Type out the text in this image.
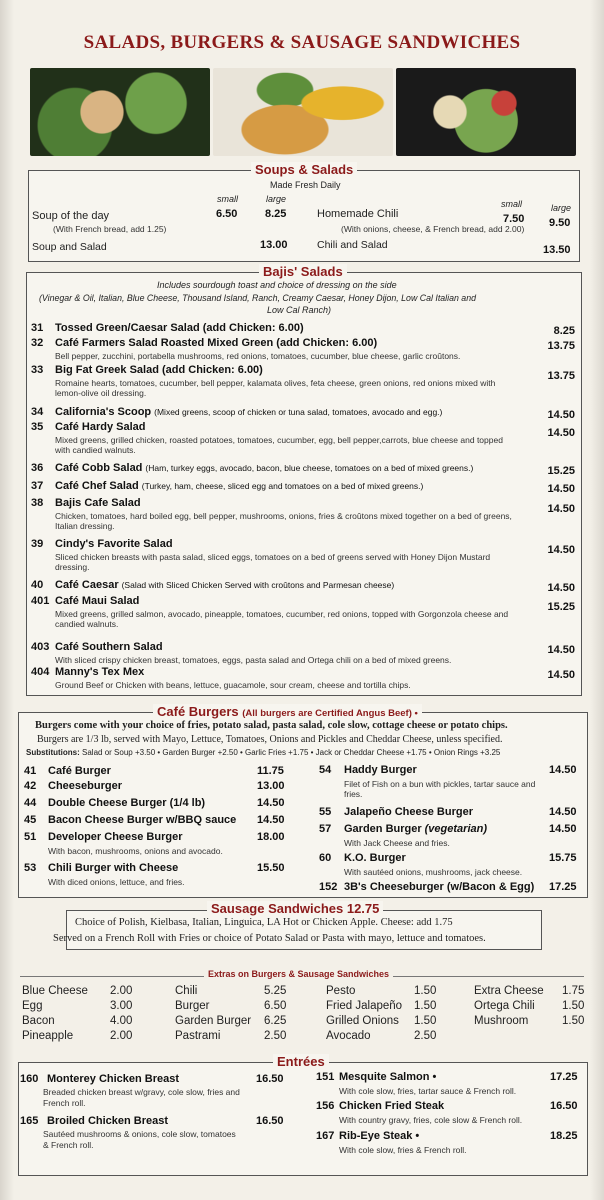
SALADS, BURGERS & SAUSAGE SANDWICHES
Soups & Salads
Made Fresh Daily
small	large	small	large
Soup of the day
(With French bread, add 1.25)
6.50	8.25
Soup and Salad	13.00
Homemade Chili
(With onions, cheese, & French bread, add 2.00)
7.50 9.50
Chili and Salad	13.50
Bajis' Salads
Includes sourdough toast and choice of dressing on the side
(Vinegar & Oil, Italian, Blue Cheese, Thousand Island, Ranch, Creamy Caesar, Honey Dijon, Low Cal Italian and
Low Cal Ranch)
31 Tossed Green/Caesar Salad (add Chicken: 6.00)	8.25
32 Café Farmers Salad Roasted Mixed Green (add Chicken: 6.00)	13.75
Bell pepper, zucchini, portabella mushrooms, red onions, tomatoes, cucumber, blue cheese, garlic croûtons.
33 Big Fat Greek Salad (add Chicken: 6.00)	13.75
Romaine hearts, tomatoes, cucumber, bell pepper, kalamata olives, feta cheese, green onions, red onions mixed with
lemon-olive oil dressing.
34 California's Scoop (Mixed greens, scoop of chicken or tuna salad, tomatoes, avocado and egg.)	14.50
35 Café Hardy Salad	14.50
Mixed greens, grilled chicken, roasted potatoes, tomatoes, cucumber, egg, bell pepper,carrots, blue cheese and topped
with candied walnuts.
36 Café Cobb Salad (Ham, turkey eggs, avocado, bacon, blue cheese, tomatoes on a bed of mixed greens.)	15.25
37 Café Chef Salad (Turkey, ham, cheese, sliced egg and tomatoes on a bed of mixed greens.)	14.50
38 Bajis Cafe Salad	14.50
Chicken, tomatoes, hard boiled egg, bell pepper, mushrooms, onions, fries & croûtons mixed together on a bed of greens,
Italian dressing.
39 Cindy's Favorite Salad	14.50
Sliced chicken breasts with pasta salad, sliced eggs, tomatoes on a bed of greens served with Honey Dijon Mustard
dressing.
40 Café Caesar (Salad with Sliced Chicken Served with croûtons and Parmesan cheese)	14.50
401 Café Maui Salad	15.25
Mixed greens, grilled salmon, avocado, pineapple, tomatoes, cucumber, red onions, topped with Gorgonzola cheese and
candied walnuts.
403 Café Southern Salad	14.50
With sliced crispy chicken breast, tomatoes, eggs, pasta salad and Ortega chili on a bed of mixed greens.
404 Manny's Tex Mex	14.50
Ground Beef or Chicken with beans, lettuce, guacamole, sour cream, cheese and tortilla chips.
Café Burgers (All burgers are Certified Angus Beef) •
Burgers come with your choice of fries, potato salad, pasta salad, cole slow, cottage cheese or potato chips.
Burgers are 1/3 lb, served with Mayo, Lettuce, Tomatoes, Onions and Pickles and Cheddar Cheese, unless specified.
Substitutions: Salad or Soup +3.50 • Garden Burger +2.50 • Garlic Fries +1.75 • Jack or Cheddar Cheese +1.75 • Onion Rings +3.25
41 Café Burger	11.75
42 Cheeseburger	13.00
44 Double Cheese Burger (1/4 lb)	14.50
45 Bacon Cheese Burger w/BBQ sauce 14.50
51 Developer Cheese Burger	18.00
With bacon, mushrooms, onions and avocado.
53 Chili Burger with Cheese	15.50
With diced onions, lettuce, and fries.
54 Haddy Burger	14.50
Filet of Fish on a bun with pickles, tartar sauce and
fries.
55 Jalapeño Cheese Burger	14.50
57 Garden Burger (vegetarian)	14.50
With Jack Cheese and fries.
60 K.O. Burger	15.75
With sautéed onions, mushrooms, jack cheese.
152 3B's Cheeseburger (w/Bacon & Egg) 17.25
Sausage Sandwiches 12.75
Choice of Polish, Kielbasa, Italian, Linguica, LA Hot or Chicken Apple. Cheese: add 1.75
Served on a French Roll with Fries or choice of Potato Salad or Pasta with mayo, lettuce and tomatoes.
Extras on Burgers & Sausage Sandwiches
Blue Cheese 2.00
Egg	3.00
Bacon	4.00
Pineapple	2.00
Chili	5.25
Burger	6.50
Garden Burger 6.25
Pastrami	2.50
Pesto	1.50
Fried Jalapeño 1.50
Grilled Onions 1.50
Avocado	2.50
Extra Cheese 1.75
Ortega Chili 1.50
Mushroom	1.50
Entrées
160 Monterey Chicken Breast	16.50
Breaded chicken breast w/gravy, cole slow, fries and
French roll.
165 Broiled Chicken Breast	16.50
Sautéed mushrooms & onions, cole slow, tomatoes
& French roll.
151 Mesquite Salmon •	17.25
With cole slow, fries, tartar sauce & French roll.
156 Chicken Fried Steak	16.50
With country gravy, fries, cole slow & French roll.
167 Rib-Eye Steak •	18.25
With cole slow, fries & French roll.
